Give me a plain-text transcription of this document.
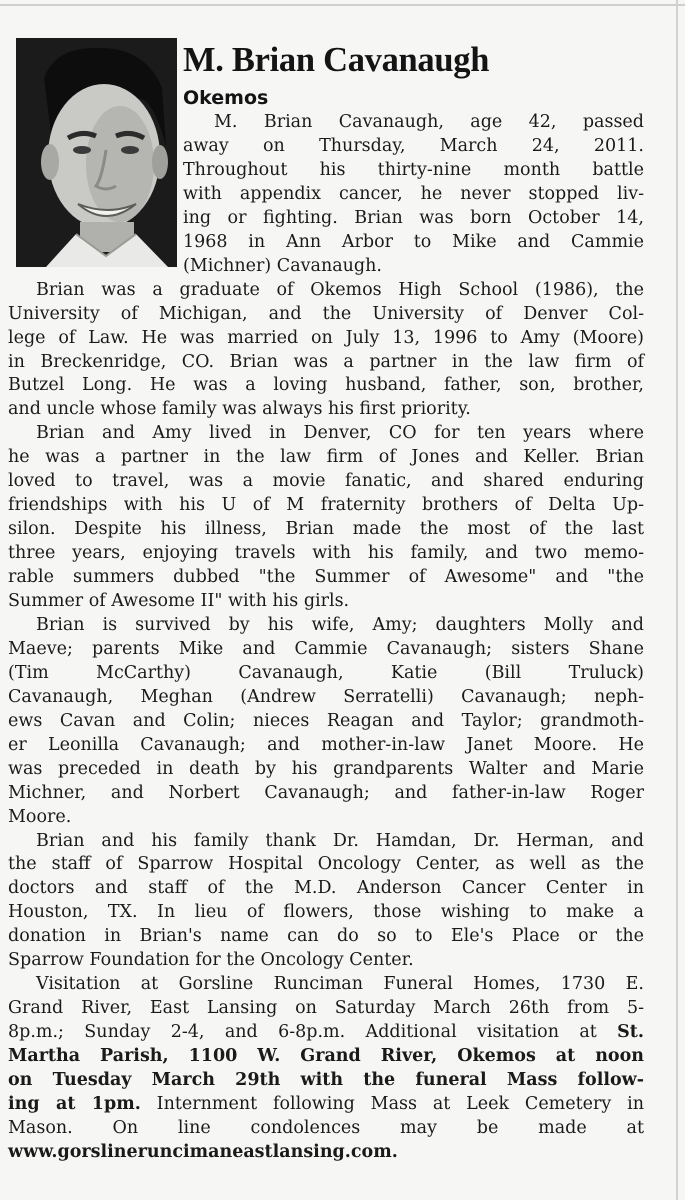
M. Brian Cavanaugh
Okemos
M. Brian Cavanaugh, age 42, passed
away on Thursday, March 24, 2011.
Throughout his thirty-nine month battle
with appendix cancer, he never stopped liv-
ing or fighting. Brian was born October 14,
1968 in Ann Arbor to Mike and Cammie
(Michner) Cavanaugh.
Brian was a graduate of Okemos High School (1986), the
University of Michigan, and the University of Denver Col-
lege of Law. He was married on July 13, 1996 to Amy (Moore)
in Breckenridge, CO. Brian was a partner in the law firm of
Butzel Long. He was a loving husband, father, son, brother,
and uncle whose family was always his first priority.
Brian and Amy lived in Denver, CO for ten years where
he was a partner in the law firm of Jones and Keller. Brian
loved to travel, was a movie fanatic, and shared enduring
friendships with his U of M fraternity brothers of Delta Up-
silon. Despite his illness, Brian made the most of the last
three years, enjoying travels with his family, and two memo-
rable summers dubbed "the Summer of Awesome" and "the
Summer of Awesome II" with his girls.
Brian is survived by his wife, Amy; daughters Molly and
Maeve; parents Mike and Cammie Cavanaugh; sisters Shane
(Tim McCarthy) Cavanaugh, Katie (Bill Truluck)
Cavanaugh, Meghan (Andrew Serratelli) Cavanaugh; neph-
ews Cavan and Colin; nieces Reagan and Taylor; grandmoth-
er Leonilla Cavanaugh; and mother-in-law Janet Moore. He
was preceded in death by his grandparents Walter and Marie
Michner, and Norbert Cavanaugh; and father-in-law Roger
Moore.
Brian and his family thank Dr. Hamdan, Dr. Herman, and
the staff of Sparrow Hospital Oncology Center, as well as the
doctors and staff of the M.D. Anderson Cancer Center in
Houston, TX. In lieu of flowers, those wishing to make a
donation in Brian's name can do so to Ele's Place or the
Sparrow Foundation for the Oncology Center.
Visitation at Gorsline Runciman Funeral Homes, 1730 E.
Grand River, East Lansing on Saturday March 26th from 5-
8p.m.; Sunday 2-4, and 6-8p.m. Additional visitation at St.
Martha Parish, 1100 W. Grand River, Okemos at noon
on Tuesday March 29th with the funeral Mass follow-
ing at 1pm. Internment following Mass at Leek Cemetery in
Mason. On line condolences may be made at
www.gorslineruncimaneastlansing.com.
